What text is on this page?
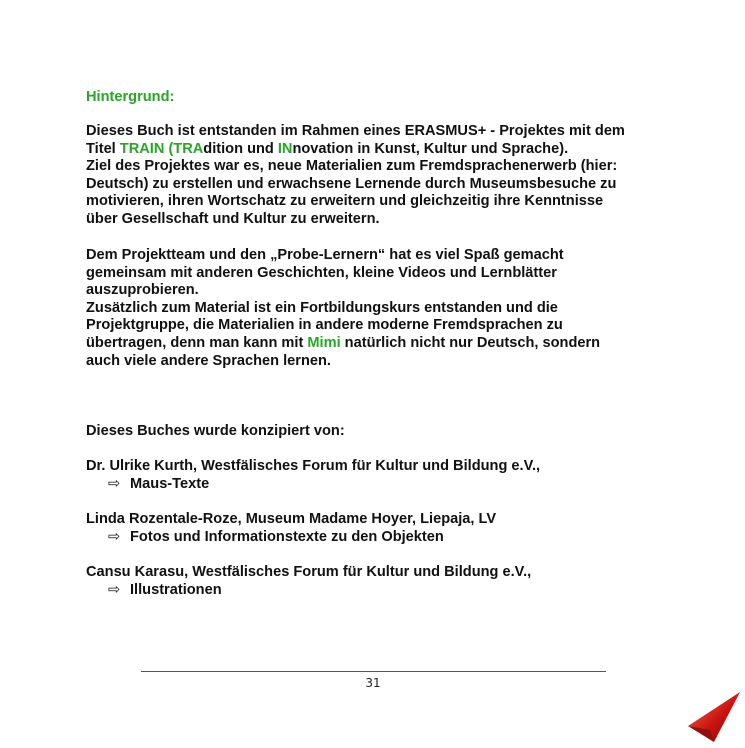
Hintergrund:
Dieses Buch ist entstanden im Rahmen eines ERASMUS+ - Projektes mit dem
Titel TRAIN (TRAdition und INnovation in Kunst, Kultur und Sprache).
Ziel des Projektes war es, neue Materialien zum Fremdsprachenerwerb (hier:
Deutsch) zu erstellen und erwachsene Lernende durch Museumsbesuche zu
motivieren, ihren Wortschatz zu erweitern und gleichzeitig ihre Kenntnisse
über Gesellschaft und Kultur zu erweitern.
Dem Projektteam und den „Probe-Lernern“ hat es viel Spaß gemacht
gemeinsam mit anderen Geschichten, kleine Videos und Lernblätter
auszuprobieren.
Zusätzlich zum Material ist ein Fortbildungskurs entstanden und die
Projektgruppe, die Materialien in andere moderne Fremdsprachen zu
übertragen, denn man kann mit Mimi natürlich nicht nur Deutsch, sondern
auch viele andere Sprachen lernen.
Dieses Buches wurde konzipiert von:
Dr. Ulrike Kurth, Westfälisches Forum für Kultur und Bildung e.V.,
⇨ Maus-Texte
Linda Rozentale-Roze, Museum Madame Hoyer, Liepaja, LV
⇨ Fotos und Informationstexte zu den Objekten
Cansu Karasu, Westfälisches Forum für Kultur und Bildung e.V.,
⇨ Illustrationen
31
